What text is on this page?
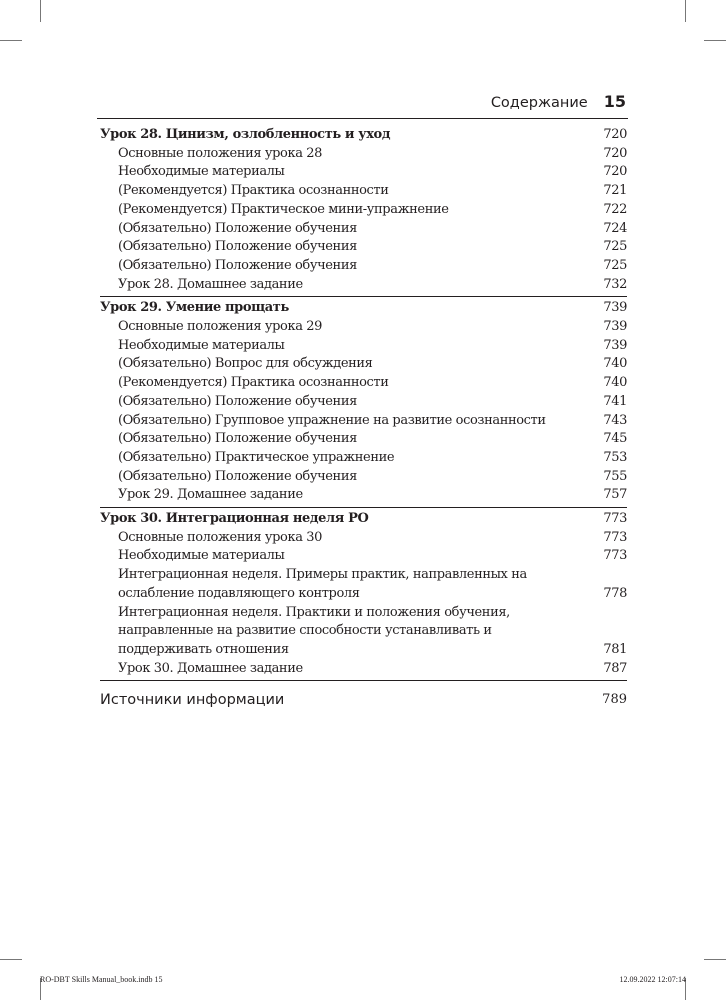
Содержание 15
Урок 28. Цинизм, озлобленность и уход	720
Основные положения урока 28	720
Необходимые материалы	720
(Рекомендуется) Практика осознанности	721
(Рекомендуется) Практическое мини-упражнение	722
(Обязательно) Положение обучения	724
(Обязательно) Положение обучения	725
(Обязательно) Положение обучения	725
Урок 28. Домашнее задание	732
Урок 29. Умение прощать	739
Основные положения урока 29	739
Необходимые материалы	739
(Обязательно) Вопрос для обсуждения	740
(Рекомендуется) Практика осознанности	740
(Обязательно) Положение обучения	741
(Обязательно) Групповое упражнение на развитие осознанности	743
(Обязательно) Положение обучения	745
(Обязательно) Практическое упражнение	753
(Обязательно) Положение обучения	755
Урок 29. Домашнее задание	757
Урок 30. Интеграционная неделя РО	773
Основные положения урока 30	773
Необходимые материалы	773
Интеграционная неделя. Примеры практик, направленных на ослабление подавляющего контроля	778
Интеграционная неделя. Практики и положения обучения, направленные на развитие способности устанавливать и поддерживать отношения	781
Урок 30. Домашнее задание	787
Источники информации	789
RO-DBT Skills Manual_book.indb 15	12.09.2022 12:07:14
